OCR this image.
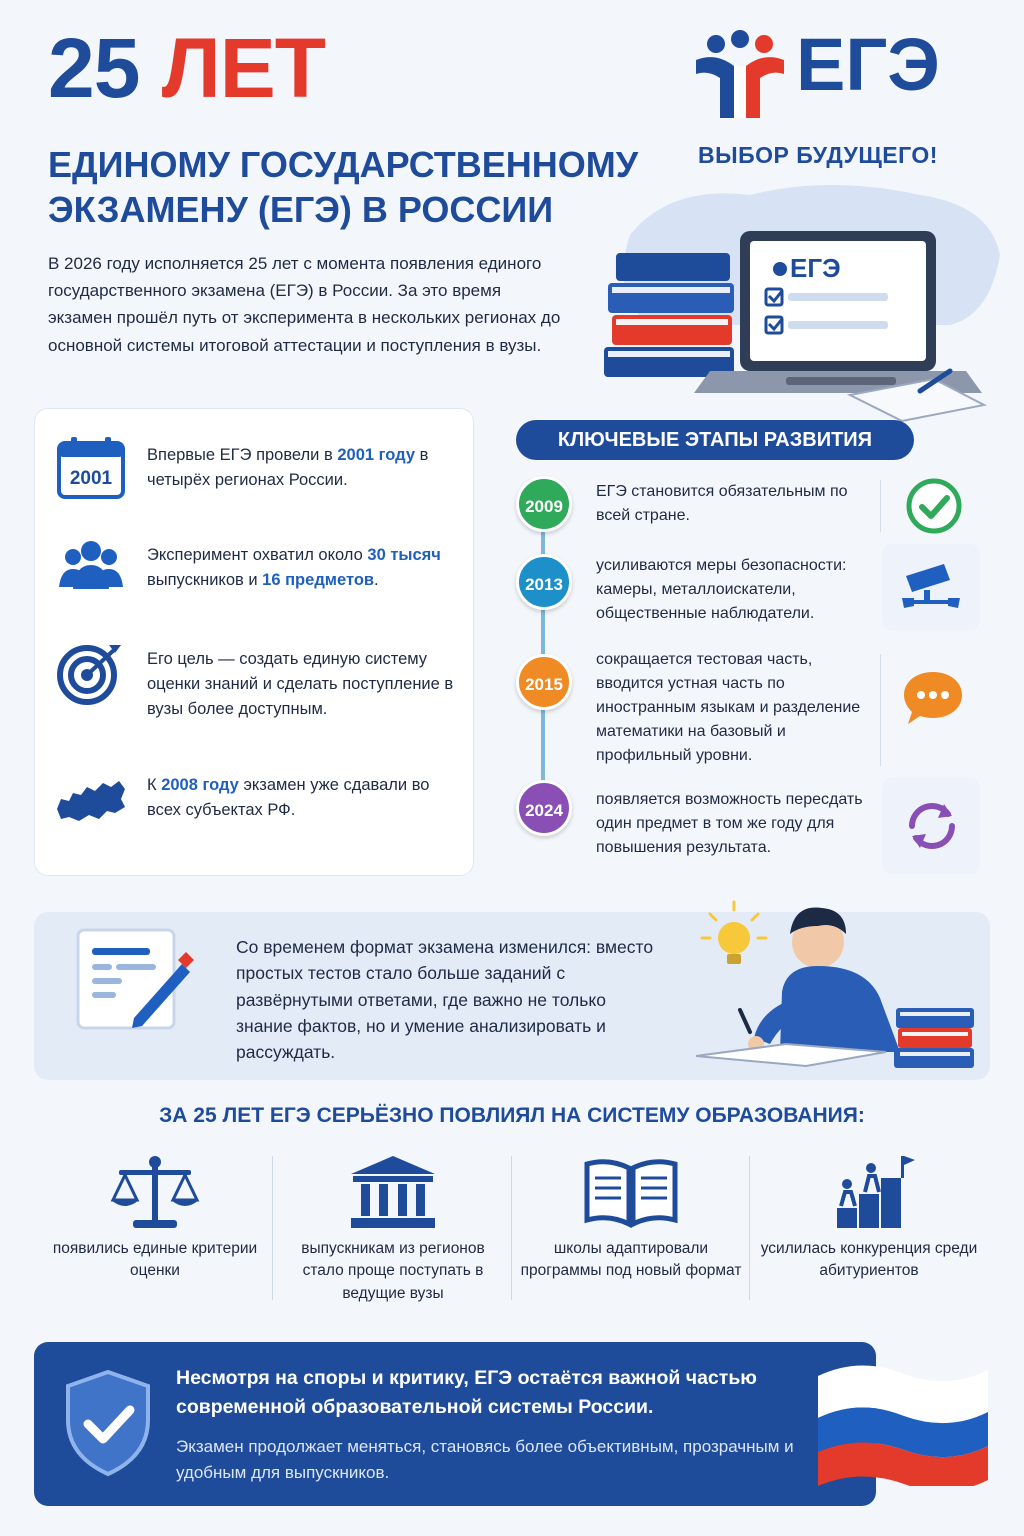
25 ЛЕТ
ЕДИНОМУ ГОСУДАРСТВЕННОМУ
ЭКЗАМЕНУ (ЕГЭ) В РОССИИ
В 2026 году исполняется 25 лет с момента появления единого государственного экзамена (ЕГЭ) в России. За это время экзамен прошёл путь от эксперимента в нескольких регионах до основной системы итоговой аттестации и поступления в вузы.
ЕГЭ
ВЫБОР БУДУЩЕГО!
ЕГЭ
2001
Впервые ЕГЭ провели в 2001 году в четырёх регионах России.
Эксперимент охватил около 30 тысяч выпускников и 16 предметов.
Его цель — создать единую систему оценки знаний и сделать поступление в вузы более доступным.
К 2008 году экзамен уже сдавали во всех субъектах РФ.
КЛЮЧЕВЫЕ ЭТАПЫ РАЗВИТИЯ
2009
ЕГЭ становится обязательным по всей стране.
2013
усиливаются меры безопасности: камеры, металлоискатели, общественные наблюдатели.
2015
сокращается тестовая часть, вводится устная часть по иностранным языкам и разделение математики на базовый и профильный уровни.
2024
появляется возможность пересдать один предмет в том же году для повышения результата.
Со временем формат экзамена изменился: вместо простых тестов стало больше заданий с развёрнутыми ответами, где важно не только знание фактов, но и умение анализировать и рассуждать.
ЗА 25 ЛЕТ ЕГЭ СЕРЬЁЗНО ПОВЛИЯЛ НА СИСТЕМУ ОБРАЗОВАНИЯ:
появились единые критерии оценки
выпускникам из регионов стало проще поступать в ведущие вузы
школы адаптировали программы под новый формат
усилилась конкуренция среди абитуриентов
Несмотря на споры и критику, ЕГЭ остаётся важной частью современной образовательной системы России.
Экзамен продолжает меняться, становясь более объективным, прозрачным и удобным для выпускников.
